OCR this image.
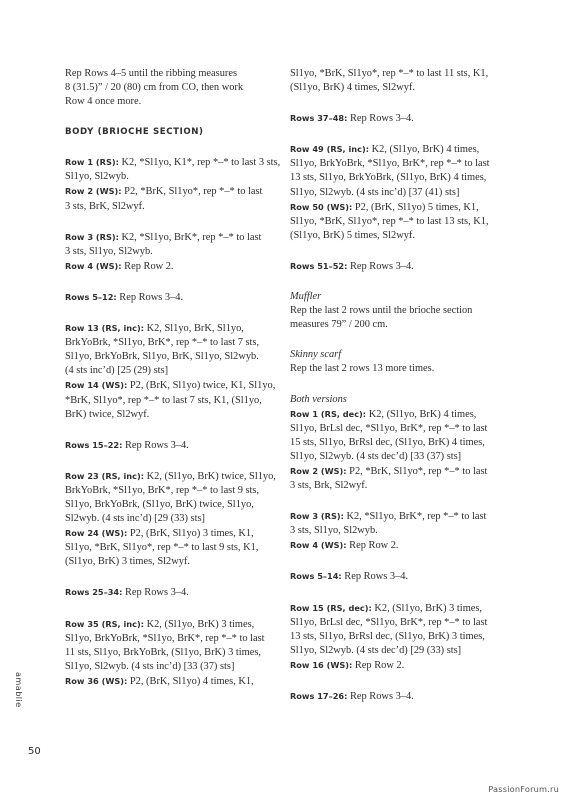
Rep Rows 4–5 until the ribbing measures
8 (31.5)” / 20 (80) cm from CO, then work
Row 4 once more.
BODY (BRIOCHE SECTION)
Row 1 (RS): K2, *Sl1yo, K1*, rep *–* to last 3 sts,
Sl1yo, Sl2wyb.
Row 2 (WS): P2, *BrK, Sl1yo*, rep *–* to last
3 sts, BrK, Sl2wyf.
Row 3 (RS): K2, *Sl1yo, BrK*, rep *–* to last
3 sts, Sl1yo, Sl2wyb.
Row 4 (WS): Rep Row 2.
Rows 5–12: Rep Rows 3–4.
Row 13 (RS, inc): K2, Sl1yo, BrK, Sl1yo,
BrkYoBrk, *Sl1yo, BrK*, rep *–* to last 7 sts,
Sl1yo, BrkYoBrk, Sl1yo, BrK, Sl1yo, Sl2wyb.
(4 sts inc’d) [25 (29) sts]
Row 14 (WS): P2, (BrK, Sl1yo) twice, K1, Sl1yo,
*BrK, Sl1yo*, rep *–* to last 7 sts, K1, (Sl1yo,
BrK) twice, Sl2wyf.
Rows 15–22: Rep Rows 3–4.
Row 23 (RS, inc): K2, (Sl1yo, BrK) twice, Sl1yo,
BrkYoBrk, *Sl1yo, BrK*, rep *–* to last 9 sts,
Sl1yo, BrkYoBrk, (Sl1yo, BrK) twice, Sl1yo,
Sl2wyb. (4 sts inc’d) [29 (33) sts]
Row 24 (WS): P2, (BrK, Sl1yo) 3 times, K1,
Sl1yo, *BrK, Sl1yo*, rep *–* to last 9 sts, K1,
(Sl1yo, BrK) 3 times, Sl2wyf.
Rows 25–34: Rep Rows 3–4.
Row 35 (RS, inc): K2, (Sl1yo, BrK) 3 times,
Sl1yo, BrkYoBrk, *Sl1yo, BrK*, rep *–* to last
11 sts, Sl1yo, BrkYoBrk, (Sl1yo, BrK) 3 times,
Sl1yo, Sl2wyb. (4 sts inc’d) [33 (37) sts]
Row 36 (WS): P2, (BrK, Sl1yo) 4 times, K1,
Sl1yo, *BrK, Sl1yo*, rep *–* to last 11 sts, K1,
(Sl1yo, BrK) 4 times, Sl2wyf.
Rows 37–48: Rep Rows 3–4.
Row 49 (RS, inc): K2, (Sl1yo, BrK) 4 times,
Sl1yo, BrkYoBrk, *Sl1yo, BrK*, rep *–* to last
13 sts, Sl1yo, BrkYoBrk, (Sl1yo, BrK) 4 times,
Sl1yo, Sl2wyb. (4 sts inc’d) [37 (41) sts]
Row 50 (WS): P2, (BrK, Sl1yo) 5 times, K1,
Sl1yo, *BrK, Sl1yo*, rep *–* to last 13 sts, K1,
(Sl1yo, BrK) 5 times, Sl2wyf.
Rows 51–52: Rep Rows 3–4.
Muffler
Rep the last 2 rows until the brioche section
measures 79” / 200 cm.
Skinny scarf
Rep the last 2 rows 13 more times.
Both versions
Row 1 (RS, dec): K2, (Sl1yo, BrK) 4 times,
Sl1yo, BrLsl dec, *Sl1yo, BrK*, rep *–* to last
15 sts, Sl1yo, BrRsl dec, (Sl1yo, BrK) 4 times,
Sl1yo, Sl2wyb. (4 sts dec’d) [33 (37) sts]
Row 2 (WS): P2, *BrK, Sl1yo*, rep *–* to last
3 sts, Brk, Sl2wyf.
Row 3 (RS): K2, *Sl1yo, BrK*, rep *–* to last
3 sts, Sl1yo, Sl2wyb.
Row 4 (WS): Rep Row 2.
Rows 5–14: Rep Rows 3–4.
Row 15 (RS, dec): K2, (Sl1yo, BrK) 3 times,
Sl1yo, BrLsl dec, *Sl1yo, BrK*, rep *–* to last
13 sts, Sl1yo, BrRsl dec, (Sl1yo, BrK) 3 times,
Sl1yo, Sl2wyb. (4 sts dec’d) [29 (33) sts]
Row 16 (WS): Rep Row 2.
Rows 17–26: Rep Rows 3–4.
amablie
50
PassionForum.ru
